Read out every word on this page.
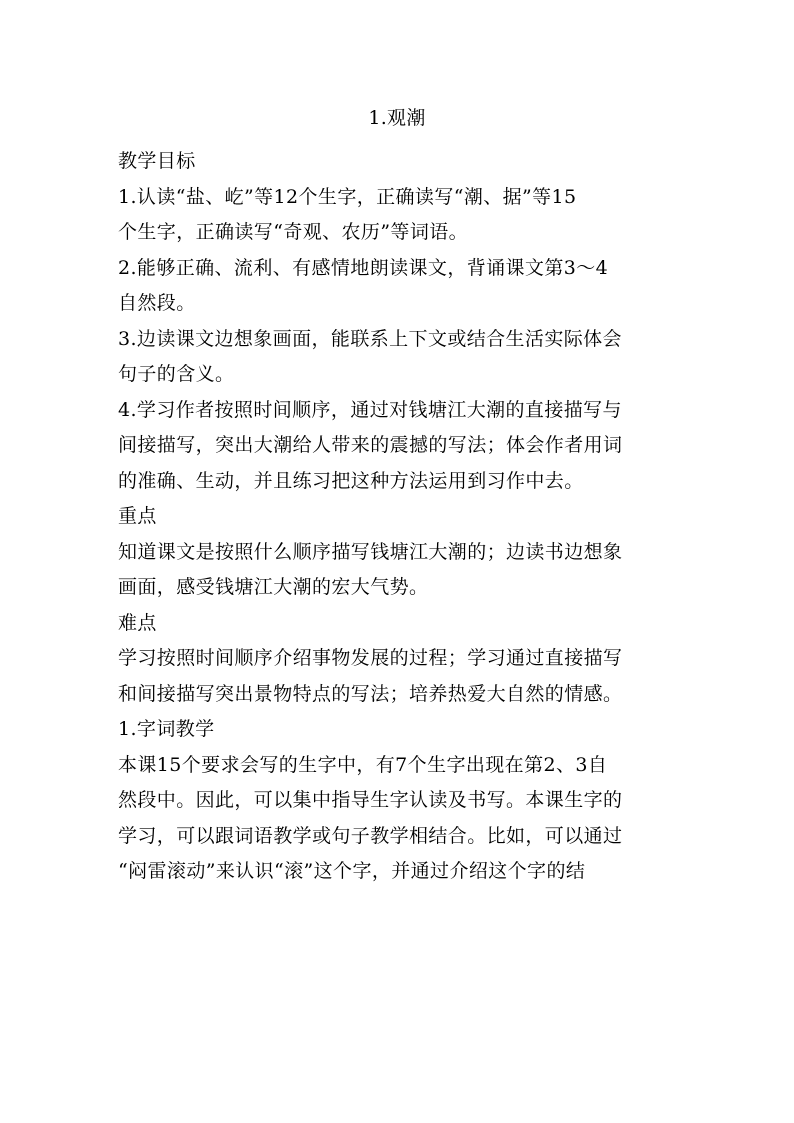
1.观潮
教学目标
1.认读“盐、屹”等12个生字，正确读写“潮、据”等15
个生字，正确读写“奇观、农历”等词语。
2.能够正确、流利、有感情地朗读课文，背诵课文第3～4
自然段。
3.边读课文边想象画面，能联系上下文或结合生活实际体会
句子的含义。
4.学习作者按照时间顺序，通过对钱塘江大潮的直接描写与
间接描写，突出大潮给人带来的震撼的写法；体会作者用词
的准确、生动，并且练习把这种方法运用到习作中去。
重点
知道课文是按照什么顺序描写钱塘江大潮的；边读书边想象
画面，感受钱塘江大潮的宏大气势。
难点
学习按照时间顺序介绍事物发展的过程；学习通过直接描写
和间接描写突出景物特点的写法；培养热爱大自然的情感。
1.字词教学
本课15个要求会写的生字中，有7个生字出现在第2、3自
然段中。因此，可以集中指导生字认读及书写。本课生字的
学习，可以跟词语教学或句子教学相结合。比如，可以通过
“闷雷滚动”来认识“滚”这个字，并通过介绍这个字的结
